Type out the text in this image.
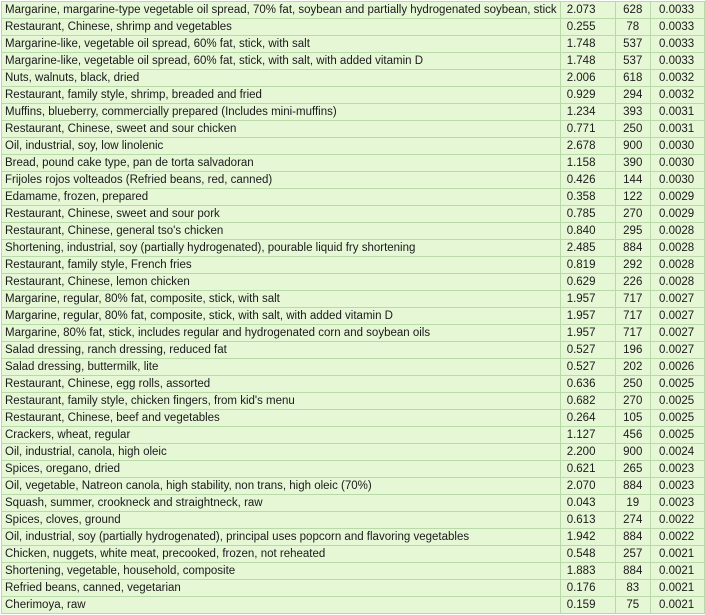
Margarine, margarine-type vegetable oil spread, 70% fat, soybean and partially hydrogenated soybean, stick	2.073	628	0.0033
Restaurant, Chinese, shrimp and vegetables	0.255	78	0.0033
Margarine-like, vegetable oil spread, 60% fat, stick, with salt	1.748	537	0.0033
Margarine-like, vegetable oil spread, 60% fat, stick, with salt, with added vitamin D	1.748	537	0.0033
Nuts, walnuts, black, dried	2.006	618	0.0032
Restaurant, family style, shrimp, breaded and fried	0.929	294	0.0032
Muffins, blueberry, commercially prepared (Includes mini-muffins)	1.234	393	0.0031
Restaurant, Chinese, sweet and sour chicken	0.771	250	0.0031
Oil, industrial, soy, low linolenic	2.678	900	0.0030
Bread, pound cake type, pan de torta salvadoran	1.158	390	0.0030
Frijoles rojos volteados (Refried beans, red, canned)	0.426	144	0.0030
Edamame, frozen, prepared	0.358	122	0.0029
Restaurant, Chinese, sweet and sour pork	0.785	270	0.0029
Restaurant, Chinese, general tso's chicken	0.840	295	0.0028
Shortening, industrial, soy (partially hydrogenated), pourable liquid fry shortening	2.485	884	0.0028
Restaurant, family style, French fries	0.819	292	0.0028
Restaurant, Chinese, lemon chicken	0.629	226	0.0028
Margarine, regular, 80% fat, composite, stick, with salt	1.957	717	0.0027
Margarine, regular, 80% fat, composite, stick, with salt, with added vitamin D	1.957	717	0.0027
Margarine, 80% fat, stick, includes regular and hydrogenated corn and soybean oils	1.957	717	0.0027
Salad dressing, ranch dressing, reduced fat	0.527	196	0.0027
Salad dressing, buttermilk, lite	0.527	202	0.0026
Restaurant, Chinese, egg rolls, assorted	0.636	250	0.0025
Restaurant, family style, chicken fingers, from kid's menu	0.682	270	0.0025
Restaurant, Chinese, beef and vegetables	0.264	105	0.0025
Crackers, wheat, regular	1.127	456	0.0025
Oil, industrial, canola, high oleic	2.200	900	0.0024
Spices, oregano, dried	0.621	265	0.0023
Oil, vegetable, Natreon canola, high stability, non trans, high oleic (70%)	2.070	884	0.0023
Squash, summer, crookneck and straightneck, raw	0.043	19	0.0023
Spices, cloves, ground	0.613	274	0.0022
Oil, industrial, soy (partially hydrogenated), principal uses popcorn and flavoring vegetables	1.942	884	0.0022
Chicken, nuggets, white meat, precooked, frozen, not reheated	0.548	257	0.0021
Shortening, vegetable, household, composite	1.883	884	0.0021
Refried beans, canned, vegetarian	0.176	83	0.0021
Cherimoya, raw	0.159	75	0.0021
